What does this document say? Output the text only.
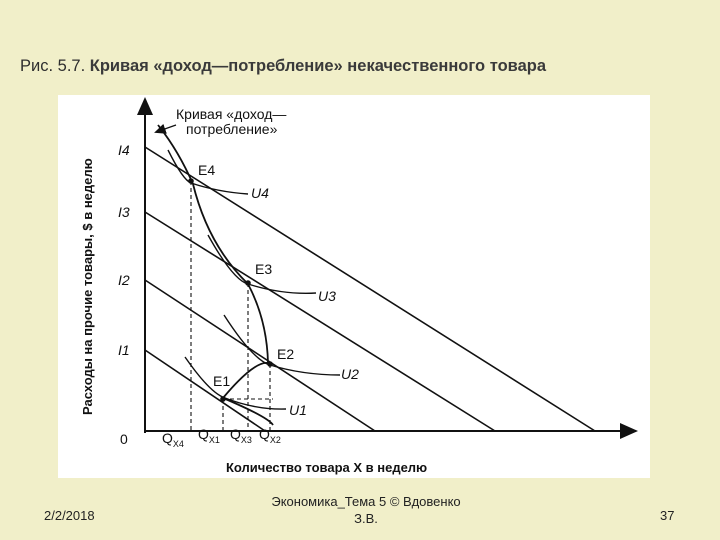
Рис. 5.7. Кривая «доход—потребление» некачественного товара
Кривая «доход—
потребление»
Расходы на прочие товары, $ в неделю
I4
I3
I2
I1
0
E4
E3
E2
E1
U4
U3
U2
U1
$Q_{X4}$
$Q_{X1}$ $Q_{X3}$ $Q_{X2}$
Количество товара X в неделю
2/2/2018
Экономика_Тема 5 © Вдовенко
З.В.	37
